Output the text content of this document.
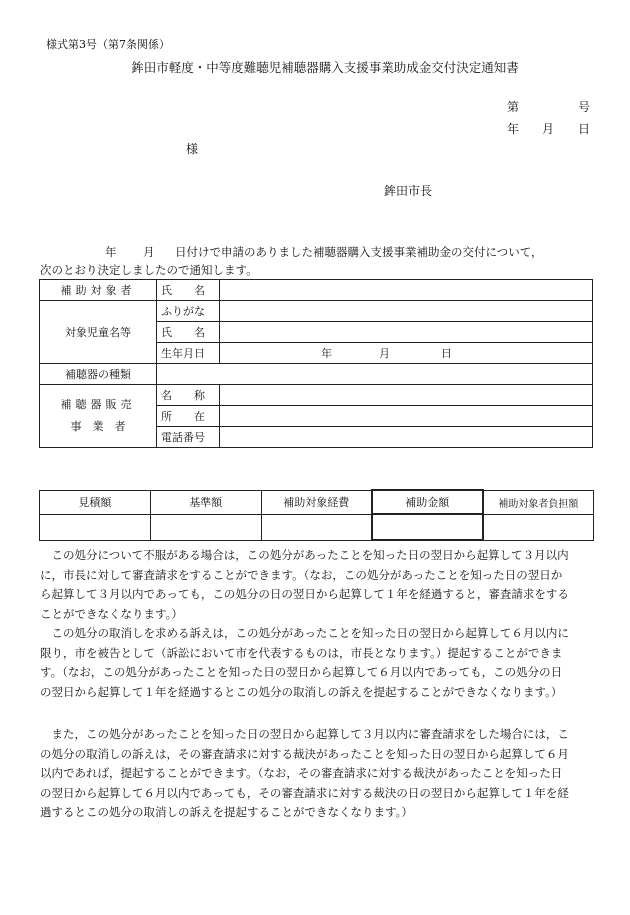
様式第3号（第7条関係）
鉾田市軽度・中等度難聴児補聴器購入支援事業助成金交付決定通知書
第	号
年 月 日
様
鉾田市長
年 月 日付けで申請のありました補聴器購入支援事業補助金の交付について，
次のとおり決定しましたので通知します。
補助対象者	氏　　名	
対象児童名等	ふりがな	
	氏　　名	
	生年月日	年 月 日
補聴器の種類		

補聴器販売
事　業　者	名　　称	
	所　　在	
	電話番号	
見積額	基準額	補助対象経費	補助金額	補助対象者負担額

　この処分について不服がある場合は，この処分があったことを知った日の翌日から起算して３月以内
に，市長に対して審査請求をすることができます。（なお，この処分があったことを知った日の翌日か
ら起算して３月以内であっても，この処分の日の翌日から起算して１年を経過すると，審査請求をする
ことができなくなります。）
　この処分の取消しを求める訴えは，この処分があったことを知った日の翌日から起算して６月以内に
限り，市を被告として（訴訟において市を代表するものは，市長となります。）提起することができま
す。（なお，この処分があったことを知った日の翌日から起算して６月以内であっても，この処分の日
の翌日から起算して１年を経過するとこの処分の取消しの訴えを提起することができなくなります。）
　また，この処分があったことを知った日の翌日から起算して３月以内に審査請求をした場合には，こ
の処分の取消しの訴えは，その審査請求に対する裁決があったことを知った日の翌日から起算して６月
以内であれば，提起することができます。（なお，その審査請求に対する裁決があったことを知った日
の翌日から起算して６月以内であっても，その審査請求に対する裁決の日の翌日から起算して１年を経
過するとこの処分の取消しの訴えを提起することができなくなります。）
